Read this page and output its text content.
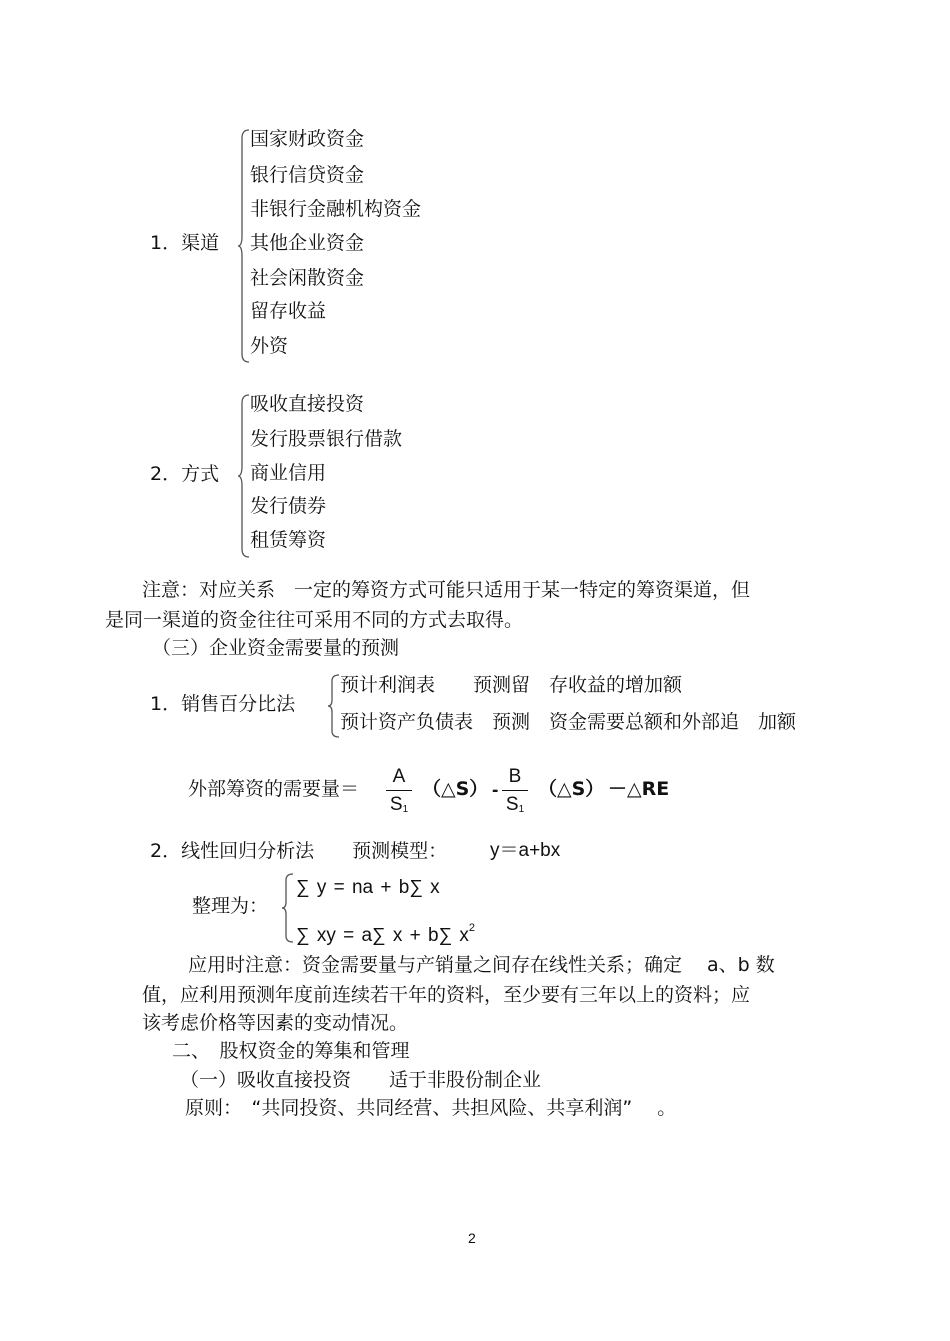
1．渠道
国家财政资金
银行信贷资金
非银行金融机构资金
其他企业资金
社会闲散资金
留存收益
外资
2．方式
吸收直接投资
发行股票银行借款
商业信用
发行债券
租赁筹资
注意：对应关系　一定的筹资方式可能只适用于某一特定的筹资渠道，但
是同一渠道的资金往往可采用不同的方式去取得。
（三）企业资金需要量的预测
1．销售百分比法
预计利润表　　预测留　存收益的增加额
预计资产负债表　预测　资金需要总额和外部追　加额
外部筹资的需要量＝
A
$S_1$
（△S） -
B
$S_1$
（△S） －△RE
2．线性回归分析法　　预测模型： y＝a+bx
整理为：
∑ y = na + b∑ x
∑ xy = a∑ x + b∑ $x^2$
应用时注意：资金需要量与产销量之间存在线性关系；确定　 a、b 数
值，应利用预测年度前连续若干年的资料，至少要有三年以上的资料；应
该考虑价格等因素的变动情况。
二、　股权资金的筹集和管理
（一）吸收直接投资　　适于非股份制企业
原则：　“共同投资、共同经营、共担风险、共享利润”　 。
2
